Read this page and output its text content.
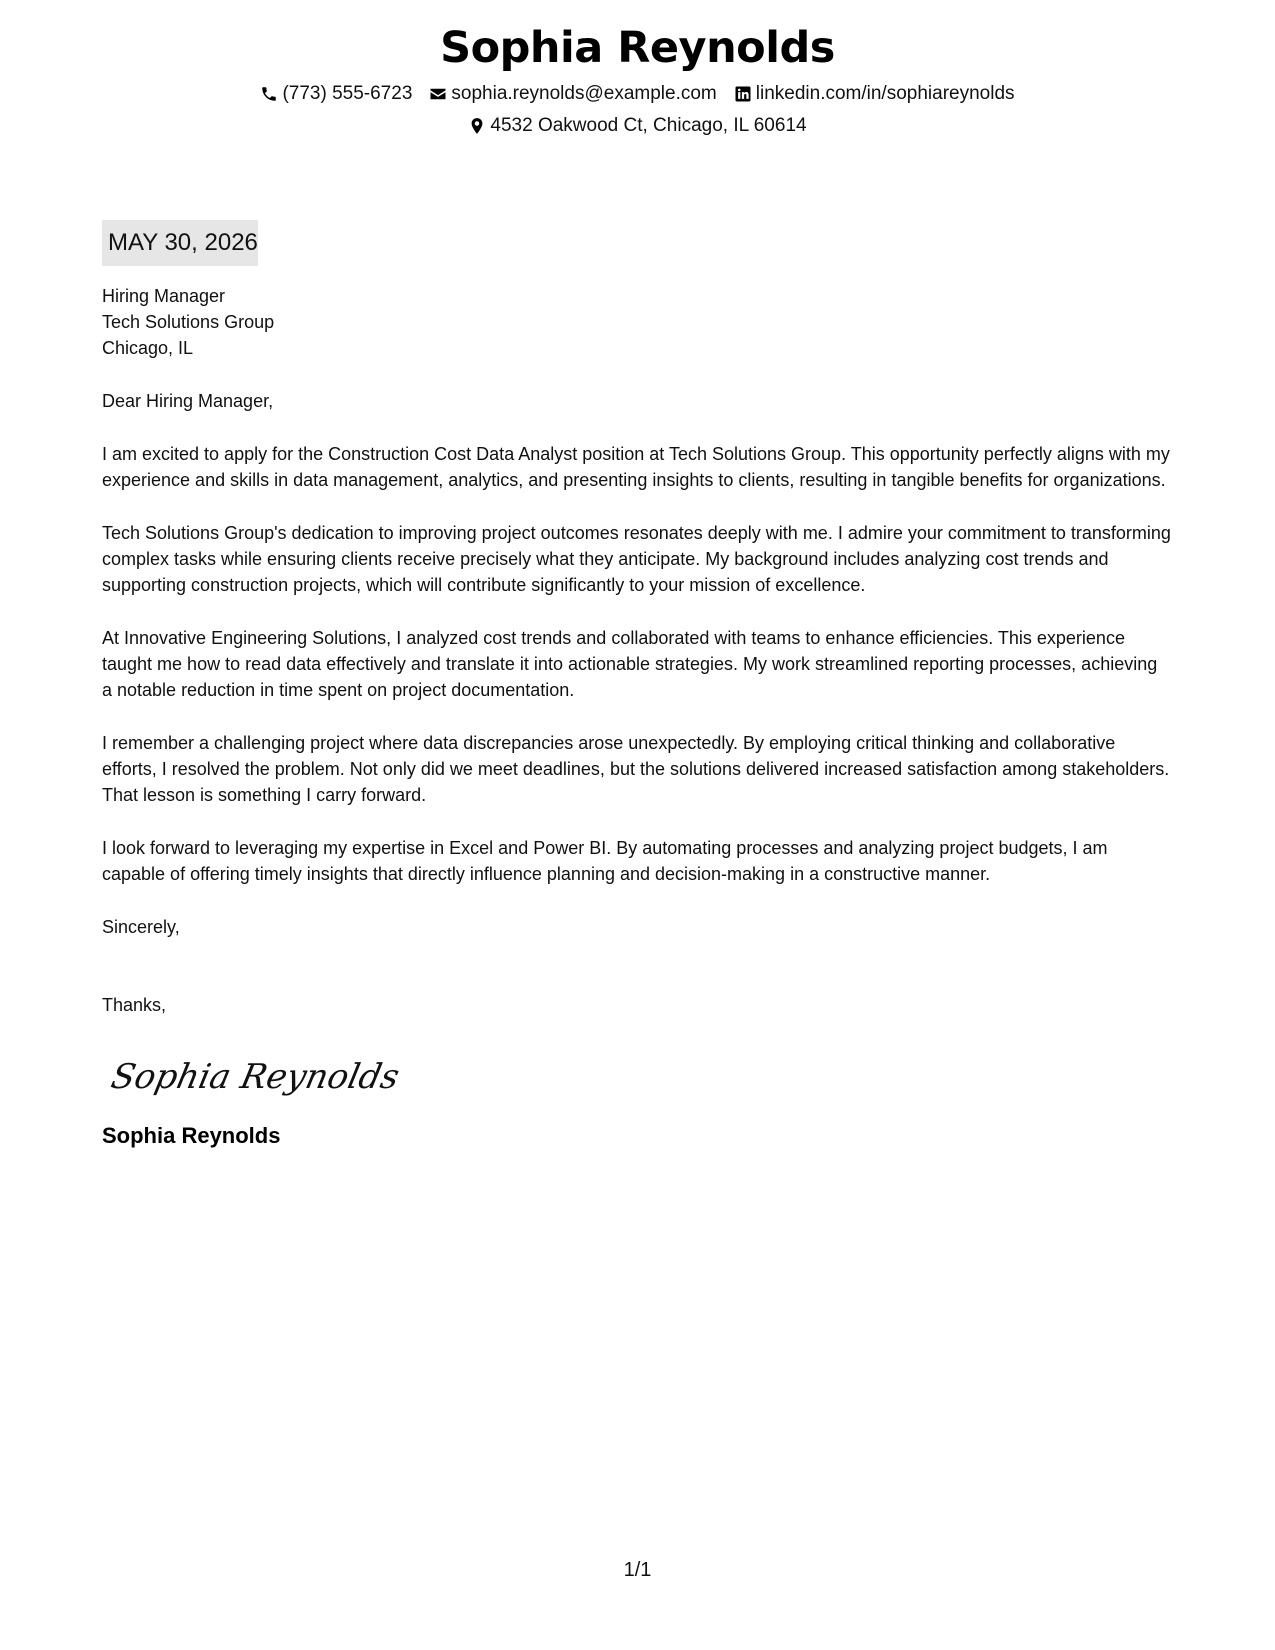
Sophia Reynolds
(773) 555-6723 sophia.reynolds@example.com linkedin.com/in/sophiareynolds
4532 Oakwood Ct, Chicago, IL 60614
MAY 30, 2026
Hiring Manager
Tech Solutions Group
Chicago, IL
Dear Hiring Manager,
I am excited to apply for the Construction Cost Data Analyst position at Tech Solutions Group. This opportunity perfectly aligns with my experience and skills in data management, analytics, and presenting insights to clients, resulting in tangible benefits for organizations.
Tech Solutions Group's dedication to improving project outcomes resonates deeply with me. I admire your commitment to transforming complex tasks while ensuring clients receive precisely what they anticipate. My background includes analyzing cost trends and supporting construction projects, which will contribute significantly to your mission of excellence.
At Innovative Engineering Solutions, I analyzed cost trends and collaborated with teams to enhance efficiencies. This experience taught me how to read data effectively and translate it into actionable strategies. My work streamlined reporting processes, achieving a notable reduction in time spent on project documentation.
I remember a challenging project where data discrepancies arose unexpectedly. By employing critical thinking and collaborative efforts, I resolved the problem. Not only did we meet deadlines, but the solutions delivered increased satisfaction among stakeholders. That lesson is something I carry forward.
I look forward to leveraging my expertise in Excel and Power BI. By automating processes and analyzing project budgets, I am capable of offering timely insights that directly influence planning and decision-making in a constructive manner.
Sincerely,
Thanks,
Sophia Reynolds
Sophia Reynolds
1/1
